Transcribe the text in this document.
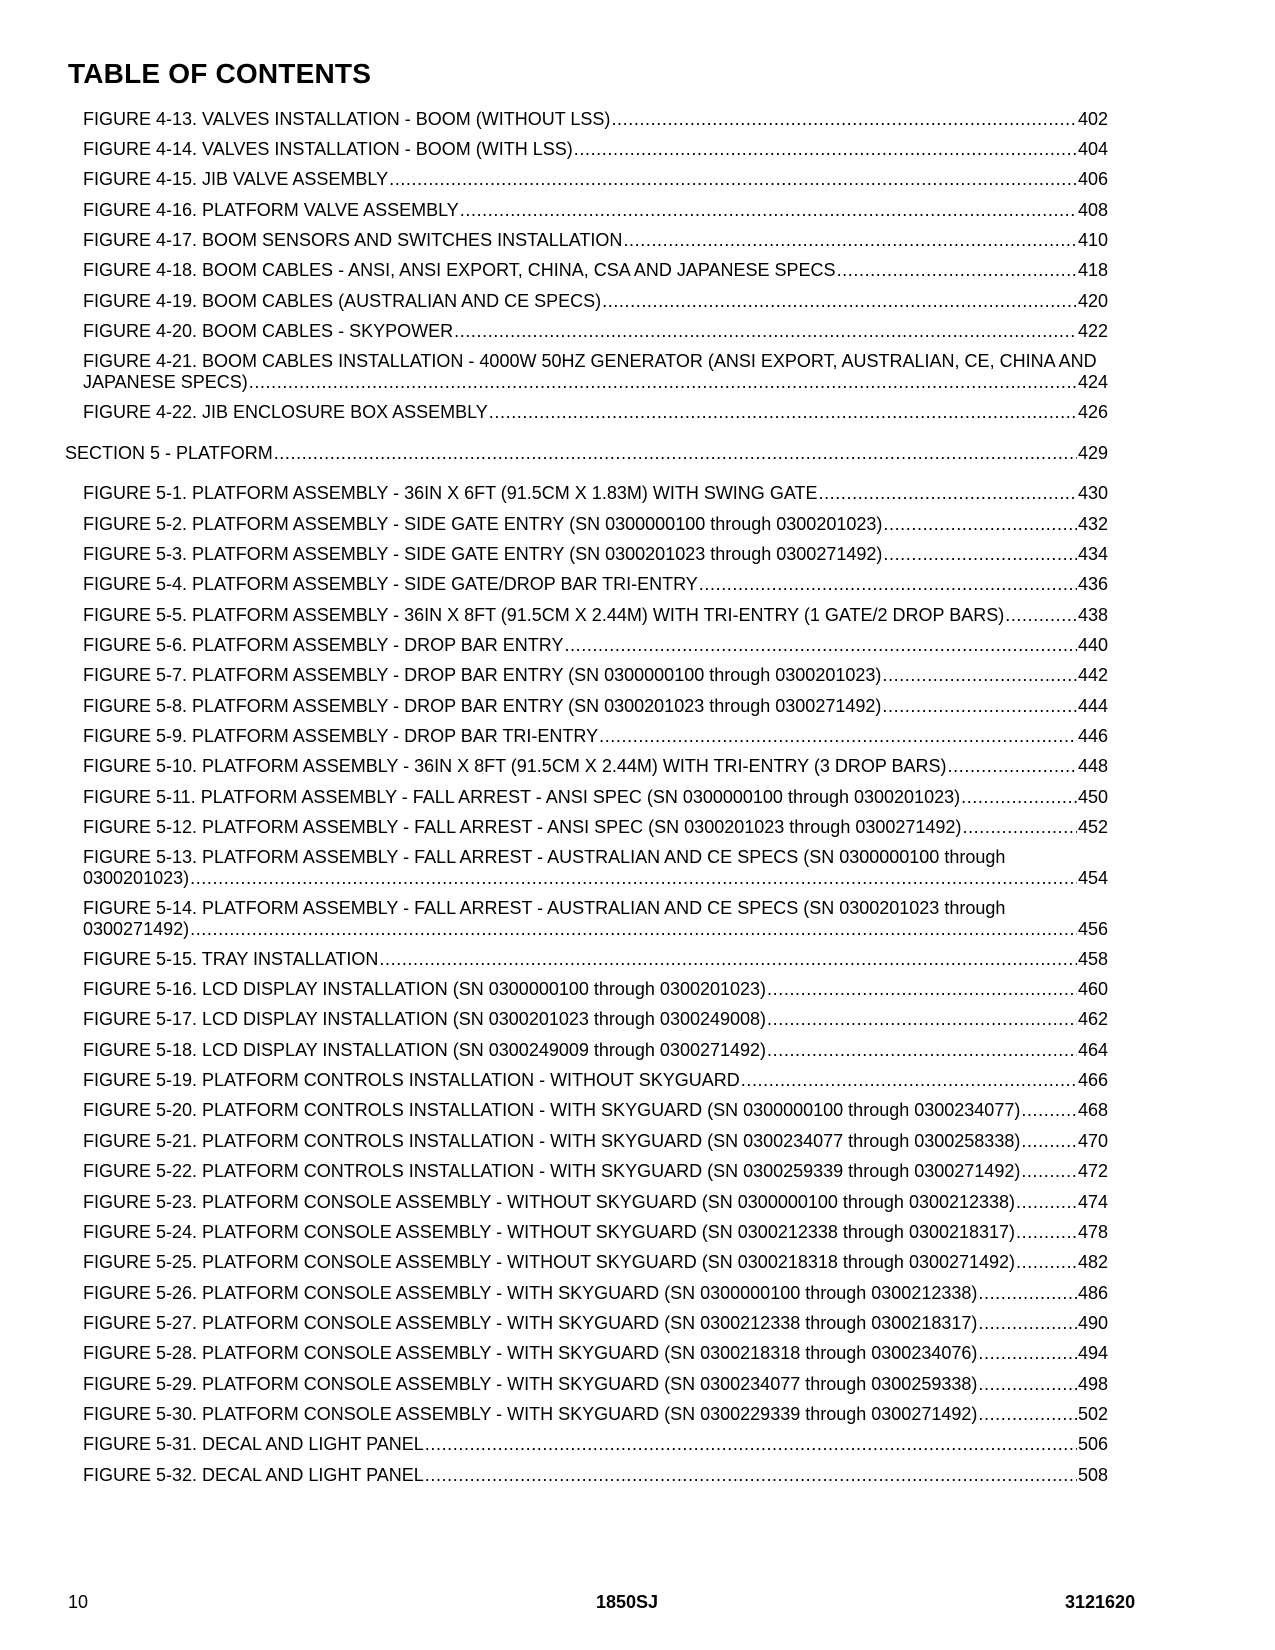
TABLE OF CONTENTS
FIGURE 4-13. VALVES INSTALLATION - BOOM (WITHOUT LSS) .....	402
FIGURE 4-14. VALVES INSTALLATION - BOOM (WITH LSS) .....	404
FIGURE 4-15. JIB VALVE ASSEMBLY .....	406
FIGURE 4-16. PLATFORM VALVE ASSEMBLY .....	408
FIGURE 4-17. BOOM SENSORS AND SWITCHES INSTALLATION .....	410
FIGURE 4-18. BOOM CABLES - ANSI, ANSI EXPORT, CHINA, CSA AND JAPANESE SPECS .....	418
FIGURE 4-19. BOOM CABLES (AUSTRALIAN AND CE SPECS) .....	420
FIGURE 4-20. BOOM CABLES - SKYPOWER .....	422
FIGURE 4-21. BOOM CABLES INSTALLATION - 4000W 50HZ GENERATOR (ANSI EXPORT, AUSTRALIAN, CE, CHINA AND
JAPANESE SPECS) .....	424
FIGURE 4-22. JIB ENCLOSURE BOX ASSEMBLY .....	426
SECTION 5 - PLATFORM .....	429
FIGURE 5-1. PLATFORM ASSEMBLY - 36IN X 6FT (91.5CM X 1.83M) WITH SWING GATE .....	430
FIGURE 5-2. PLATFORM ASSEMBLY - SIDE GATE ENTRY (SN 0300000100 through 0300201023) .....	432
FIGURE 5-3. PLATFORM ASSEMBLY - SIDE GATE ENTRY (SN 0300201023 through 0300271492) .....	434
FIGURE 5-4. PLATFORM ASSEMBLY - SIDE GATE/DROP BAR TRI-ENTRY .....	436
FIGURE 5-5. PLATFORM ASSEMBLY - 36IN X 8FT (91.5CM X 2.44M) WITH TRI-ENTRY (1 GATE/2 DROP BARS) .....	438
FIGURE 5-6. PLATFORM ASSEMBLY - DROP BAR ENTRY .....	440
FIGURE 5-7. PLATFORM ASSEMBLY - DROP BAR ENTRY (SN 0300000100 through 0300201023) .....	442
FIGURE 5-8. PLATFORM ASSEMBLY - DROP BAR ENTRY (SN 0300201023 through 0300271492) .....	444
FIGURE 5-9. PLATFORM ASSEMBLY - DROP BAR TRI-ENTRY .....	446
FIGURE 5-10. PLATFORM ASSEMBLY - 36IN X 8FT (91.5CM X 2.44M) WITH TRI-ENTRY (3 DROP BARS) .....	448
FIGURE 5-11. PLATFORM ASSEMBLY - FALL ARREST - ANSI SPEC (SN 0300000100 through 0300201023) .....	450
FIGURE 5-12. PLATFORM ASSEMBLY - FALL ARREST - ANSI SPEC (SN 0300201023 through 0300271492) .....	452
FIGURE 5-13. PLATFORM ASSEMBLY - FALL ARREST - AUSTRALIAN AND CE SPECS (SN 0300000100 through
0300201023) .....	454
FIGURE 5-14. PLATFORM ASSEMBLY - FALL ARREST - AUSTRALIAN AND CE SPECS (SN 0300201023 through
0300271492) .....	456
FIGURE 5-15. TRAY INSTALLATION .....	458
FIGURE 5-16. LCD DISPLAY INSTALLATION (SN 0300000100 through 0300201023) .....	460
FIGURE 5-17. LCD DISPLAY INSTALLATION (SN 0300201023 through 0300249008) .....	462
FIGURE 5-18. LCD DISPLAY INSTALLATION (SN 0300249009 through 0300271492) .....	464
FIGURE 5-19. PLATFORM CONTROLS INSTALLATION - WITHOUT SKYGUARD .....	466
FIGURE 5-20. PLATFORM CONTROLS INSTALLATION - WITH SKYGUARD (SN 0300000100 through 0300234077) .....	468
FIGURE 5-21. PLATFORM CONTROLS INSTALLATION - WITH SKYGUARD (SN 0300234077 through 0300258338) .....	470
FIGURE 5-22. PLATFORM CONTROLS INSTALLATION - WITH SKYGUARD (SN 0300259339 through 0300271492) .....	472
FIGURE 5-23. PLATFORM CONSOLE ASSEMBLY - WITHOUT SKYGUARD (SN 0300000100 through 0300212338) .....	474
FIGURE 5-24. PLATFORM CONSOLE ASSEMBLY - WITHOUT SKYGUARD (SN 0300212338 through 0300218317) .....	478
FIGURE 5-25. PLATFORM CONSOLE ASSEMBLY - WITHOUT SKYGUARD (SN 0300218318 through 0300271492) .....	482
FIGURE 5-26. PLATFORM CONSOLE ASSEMBLY - WITH SKYGUARD (SN 0300000100 through 0300212338) .....	486
FIGURE 5-27. PLATFORM CONSOLE ASSEMBLY - WITH SKYGUARD (SN 0300212338 through 0300218317) .....	490
FIGURE 5-28. PLATFORM CONSOLE ASSEMBLY - WITH SKYGUARD (SN 0300218318 through 0300234076) .....	494
FIGURE 5-29. PLATFORM CONSOLE ASSEMBLY - WITH SKYGUARD (SN 0300234077 through 0300259338) .....	498
FIGURE 5-30. PLATFORM CONSOLE ASSEMBLY - WITH SKYGUARD (SN 0300229339 through 0300271492) .....	502
FIGURE 5-31. DECAL AND LIGHT PANEL .....	506
FIGURE 5-32. DECAL AND LIGHT PANEL .....	508
10	1850SJ	3121620
